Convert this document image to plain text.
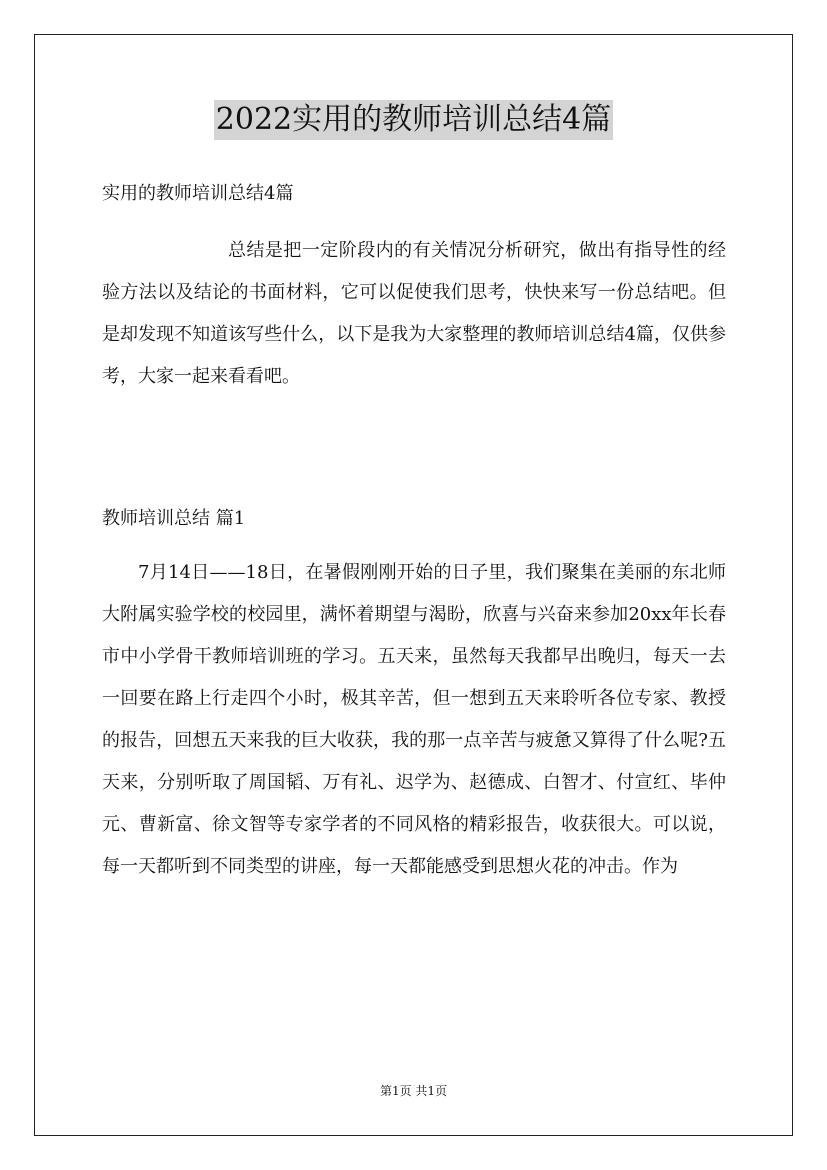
2022实用的教师培训总结4篇
实用的教师培训总结4篇
总结是把一定阶段内的有关情况分析研究，做出有指导性的经验方法以及结论的书面材料，它可以促使我们思考，快快来写一份总结吧。但是却发现不知道该写些什么，以下是我为大家整理的教师培训总结4篇，仅供参考，大家一起来看看吧。
教师培训总结 篇1
7月14日——18日，在暑假刚刚开始的日子里，我们聚集在美丽的东北师大附属实验学校的校园里，满怀着期望与渴盼，欣喜与兴奋来参加20xx年长春市中小学骨干教师培训班的学习。五天来，虽然每天我都早出晚归，每天一去一回要在路上行走四个小时，极其辛苦，但一想到五天来聆听各位专家、教授的报告，回想五天来我的巨大收获，我的那一点辛苦与疲惫又算得了什么呢?五天来，分别听取了周国韬、万有礼、迟学为、赵德成、白智才、付宣红、毕仲元、曹新富、徐文智等专家学者的不同风格的精彩报告，收获很大。可以说，每一天都听到不同类型的讲座，每一天都能感受到思想火花的冲击。作为
第1页 共1页
